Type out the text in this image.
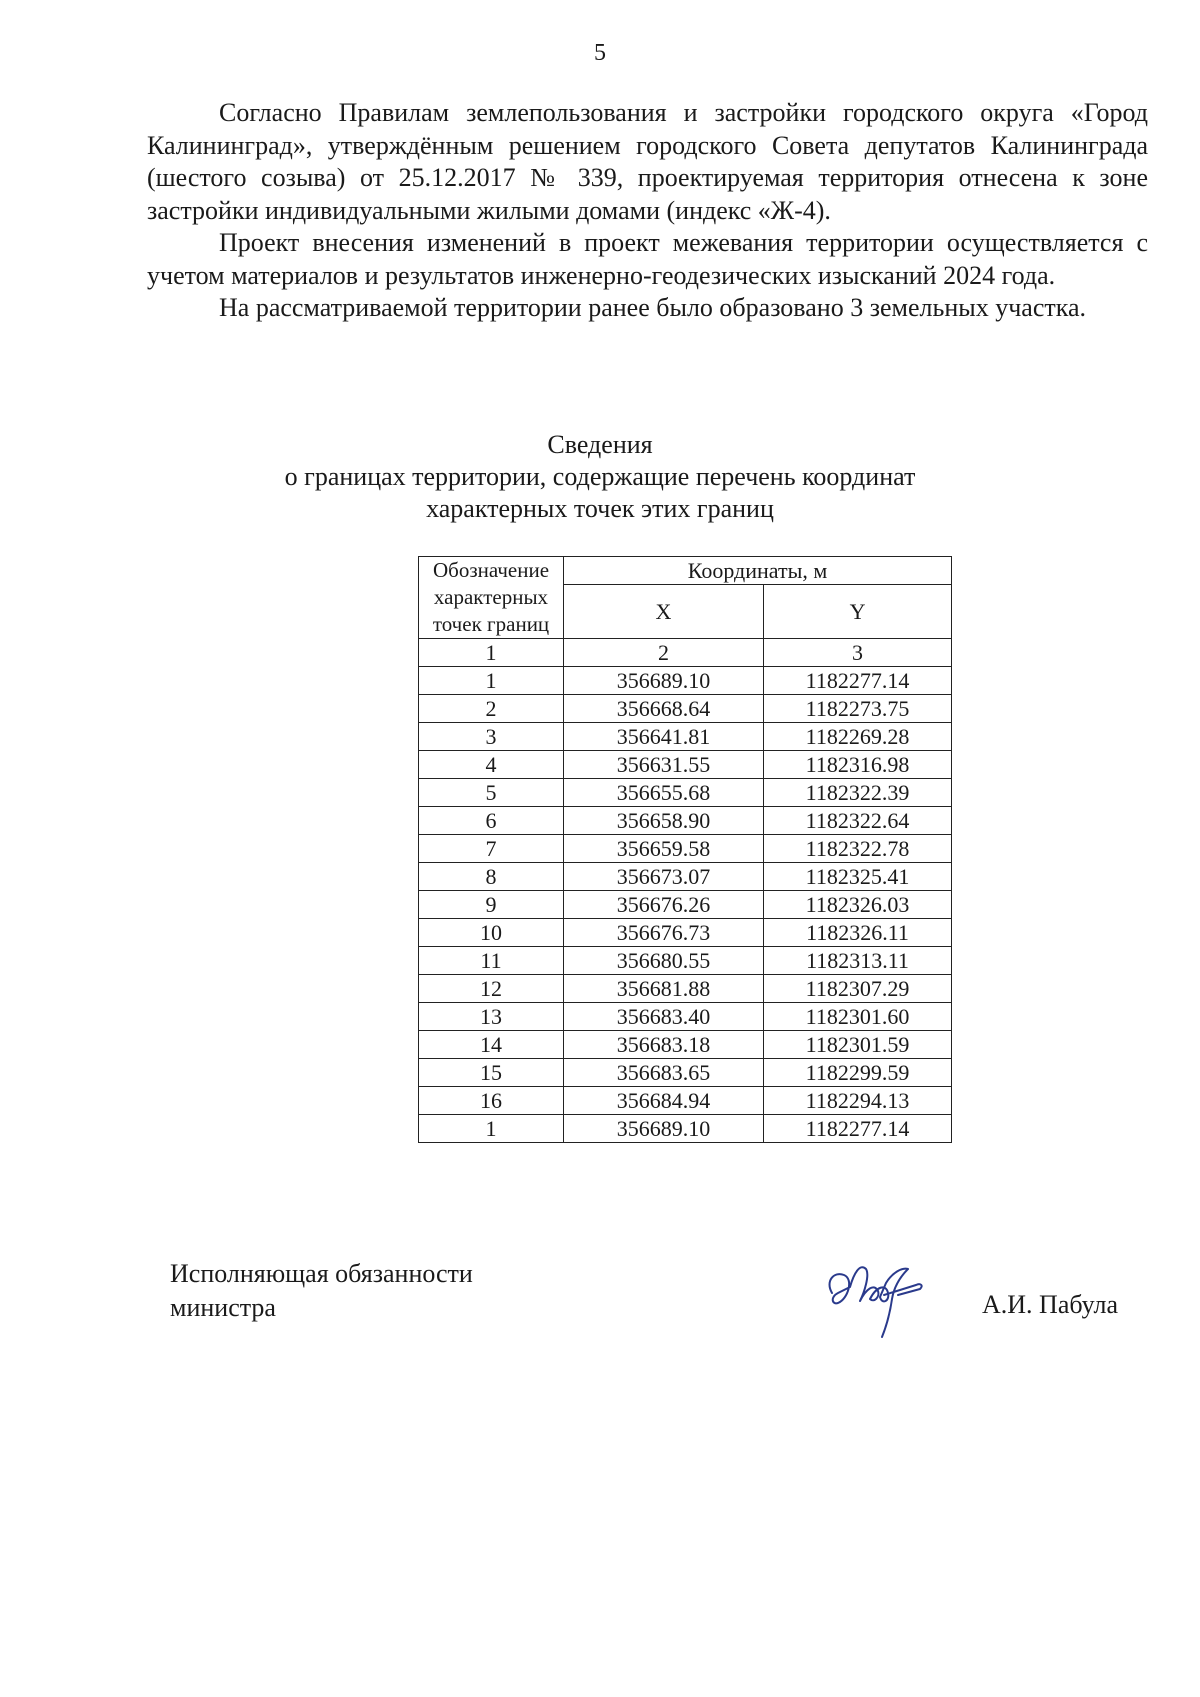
5

Согласно Правилам землепользования и застройки городского округа «Город Калининград», утверждённым решением городского Совета депутатов Калининграда (шестого созыва) от 25.12.2017 № 339, проектируемая территория отнесена к зоне застройки индивидуальными жилыми домами (индекс «Ж-4).

Проект внесения изменений в проект межевания территории осуществляется с учетом материалов и результатов инженерно-геодезических изысканий 2024 года.

На рассматриваемой территории ранее было образовано 3 земельных участка.

Сведения
о границах территории, содержащие перечень координат
характерных точек этих границ
Обозначение характерных точек границ	Координаты, м	
	X	Y
1	2	3
1	356689.10	1182277.14
2	356668.64	1182273.75
3	356641.81	1182269.28
4	356631.55	1182316.98
5	356655.68	1182322.39
6	356658.90	1182322.64
7	356659.58	1182322.78
8	356673.07	1182325.41
9	356676.26	1182326.03
10	356676.73	1182326.11
11	356680.55	1182313.11
12	356681.88	1182307.29
13	356683.40	1182301.60
14	356683.18	1182301.59
15	356683.65	1182299.59
16	356684.94	1182294.13
1	356689.10	1182277.14
Исполняющая обязанности
министра	А.И. Пабула
